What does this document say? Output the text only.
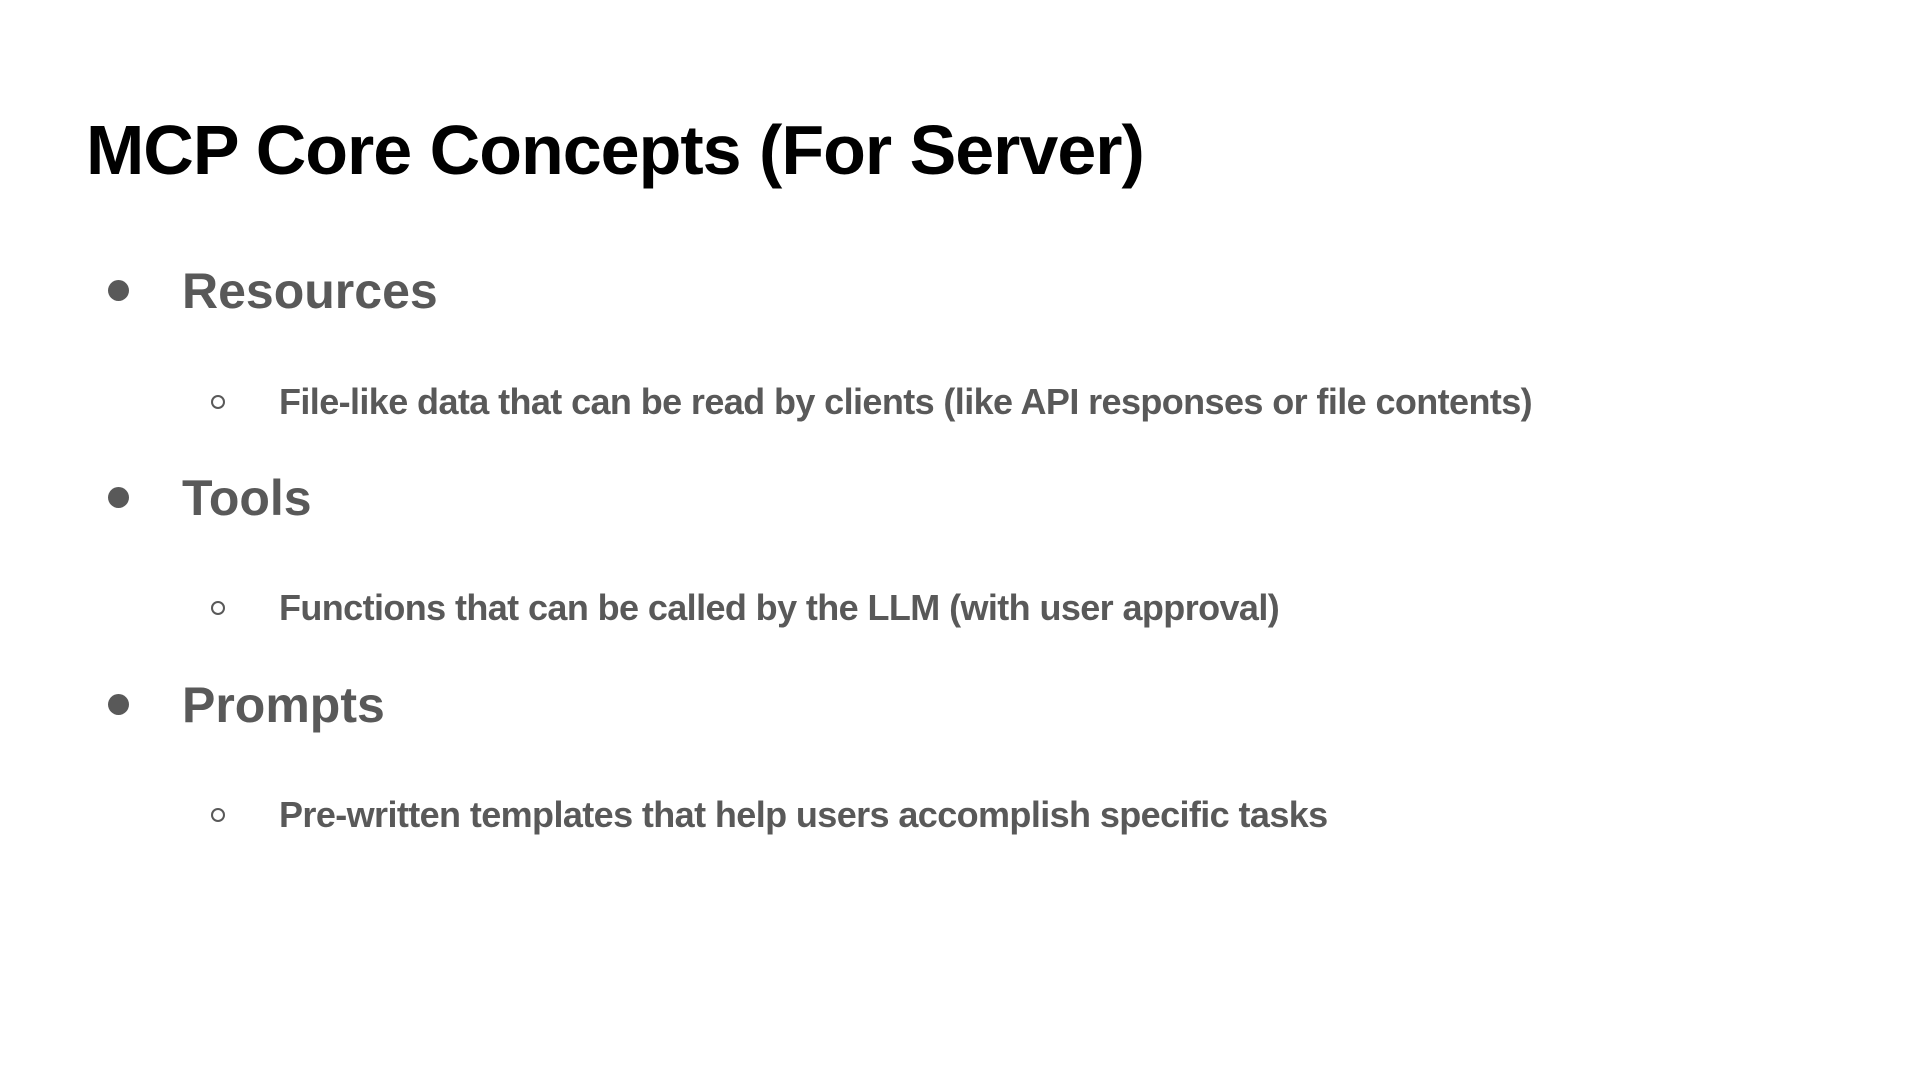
MCP Core Concepts (For Server)
Resources
File-like data that can be read by clients (like API responses or file contents)
Tools
Functions that can be called by the LLM (with user approval)
Prompts
Pre-written templates that help users accomplish specific tasks
